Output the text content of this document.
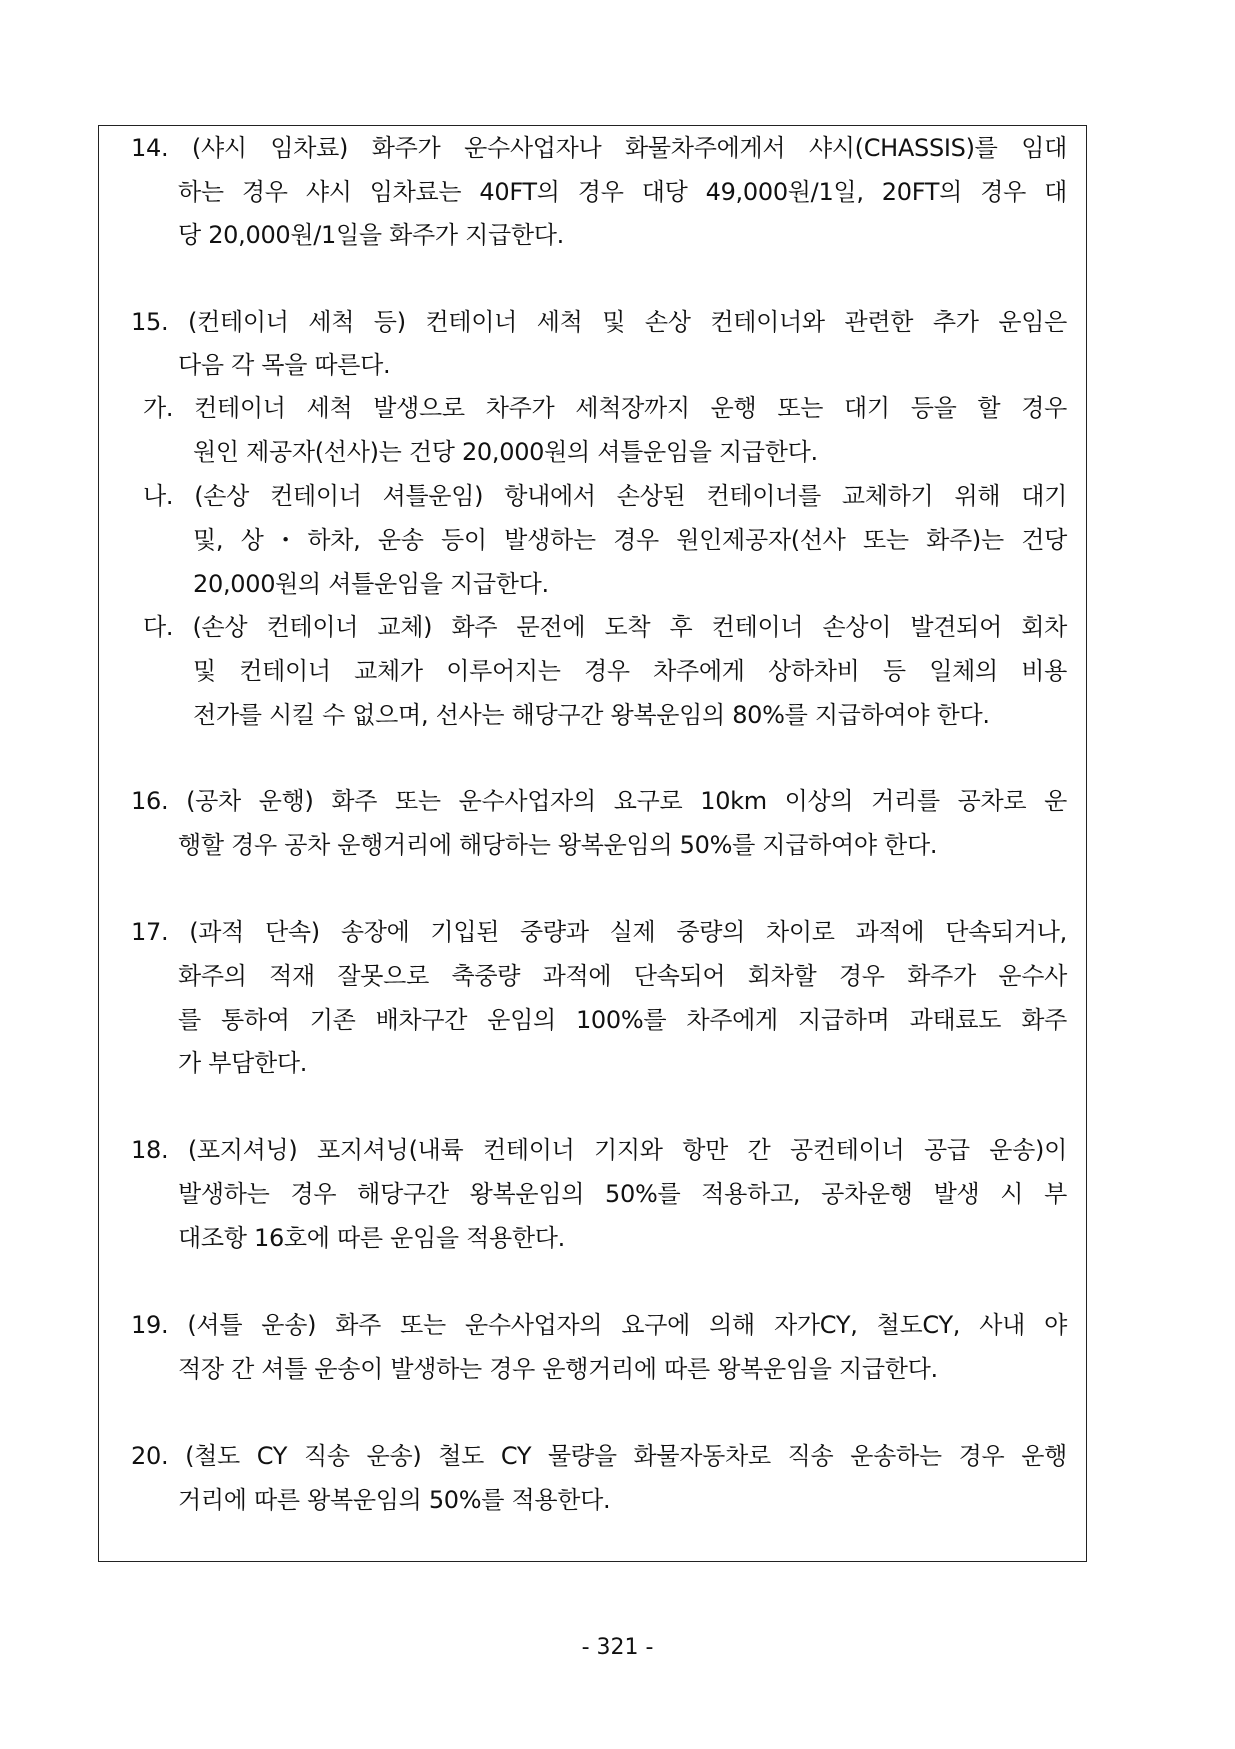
14. (샤시 임차료) 화주가 운수사업자나 화물차주에게서 샤시(CHASSIS)를 임대
하는 경우 샤시 임차료는 40FT의 경우 대당 49,000원/1일, 20FT의 경우 대
당 20,000원/1일을 화주가 지급한다.
15. (컨테이너 세척 등) 컨테이너 세척 및 손상 컨테이너와 관련한 추가 운임은
다음 각 목을 따른다.
가. 컨테이너 세척 발생으로 차주가 세척장까지 운행 또는 대기 등을 할 경우
원인 제공자(선사)는 건당 20,000원의 셔틀운임을 지급한다.
나. (손상 컨테이너 셔틀운임) 항내에서 손상된 컨테이너를 교체하기 위해 대기
및, 상・하차, 운송 등이 발생하는 경우 원인제공자(선사 또는 화주)는 건당
20,000원의 셔틀운임을 지급한다.
다. (손상 컨테이너 교체) 화주 문전에 도착 후 컨테이너 손상이 발견되어 회차
및 컨테이너 교체가 이루어지는 경우 차주에게 상하차비 등 일체의 비용
전가를 시킬 수 없으며, 선사는 해당구간 왕복운임의 80%를 지급하여야 한다.
16. (공차 운행) 화주 또는 운수사업자의 요구로 10km 이상의 거리를 공차로 운
행할 경우 공차 운행거리에 해당하는 왕복운임의 50%를 지급하여야 한다.
17. (과적 단속) 송장에 기입된 중량과 실제 중량의 차이로 과적에 단속되거나,
화주의 적재 잘못으로 축중량 과적에 단속되어 회차할 경우 화주가 운수사
를 통하여 기존 배차구간 운임의 100%를 차주에게 지급하며 과태료도 화주
가 부담한다.
18. (포지셔닝) 포지셔닝(내륙 컨테이너 기지와 항만 간 공컨테이너 공급 운송)이
발생하는 경우 해당구간 왕복운임의 50%를 적용하고, 공차운행 발생 시 부
대조항 16호에 따른 운임을 적용한다.
19. (셔틀 운송) 화주 또는 운수사업자의 요구에 의해 자가CY, 철도CY, 사내 야
적장 간 셔틀 운송이 발생하는 경우 운행거리에 따른 왕복운임을 지급한다.
20. (철도 CY 직송 운송) 철도 CY 물량을 화물자동차로 직송 운송하는 경우 운행
거리에 따른 왕복운임의 50%를 적용한다.
- 321 -
